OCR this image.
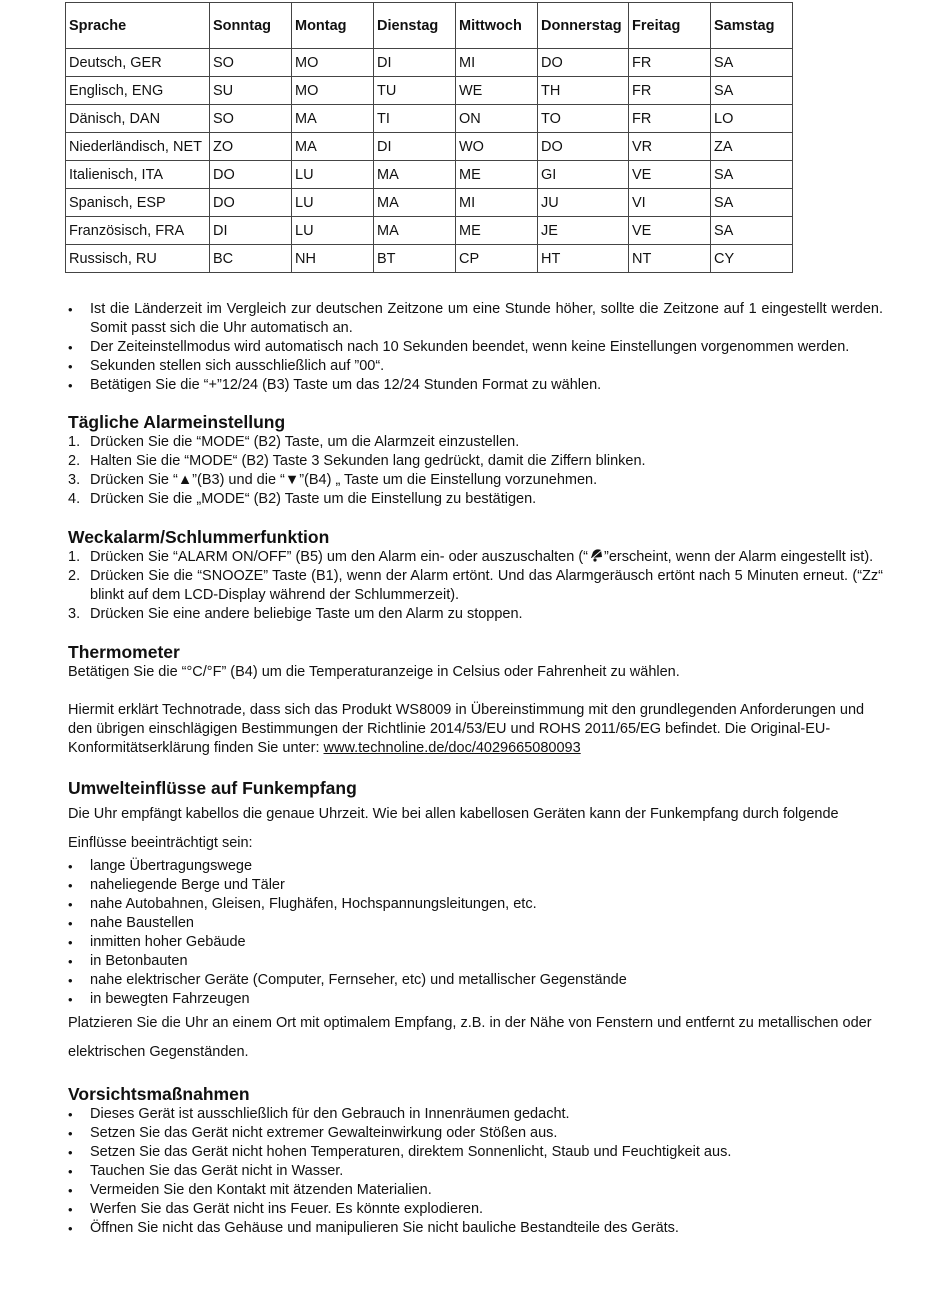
Sprache	Sonntag	Montag	Dienstag	Mittwoch	Donnerstag	Freitag	Samstag
Deutsch, GER	SO	MO	DI	MI	DO	FR	SA
Englisch, ENG	SU	MO	TU	WE	TH	FR	SA
Dänisch, DAN	SO	MA	TI	ON	TO	FR	LO
Niederländisch, NET	ZO	MA	DI	WO	DO	VR	ZA
Italienisch, ITA	DO	LU	MA	ME	GI	VE	SA
Spanisch, ESP	DO	LU	MA	MI	JU	VI	SA
Französisch, FRA	DI	LU	MA	ME	JE	VE	SA
Russisch, RU	BC	NH	BT	CP	HT	NT	CY
• Ist die Länderzeit im Vergleich zur deutschen Zeitzone um eine Stunde höher, sollte die Zeitzone auf 1 eingestellt werden. Somit passt sich die Uhr automatisch an.
• Der Zeiteinstellmodus wird automatisch nach 10 Sekunden beendet, wenn keine Einstellungen vorgenommen werden.
• Sekunden stellen sich ausschließlich auf ”00“.
• Betätigen Sie die “+”12/24 (B3) Taste um das 12/24 Stunden Format zu wählen.
Tägliche Alarmeinstellung
1. Drücken Sie die “MODE“ (B2) Taste, um die Alarmzeit einzustellen.
2. Halten Sie die “MODE“ (B2) Taste 3 Sekunden lang gedrückt, damit die Ziffern blinken.
3. Drücken Sie “▲”(B3) und die “▼”(B4) „ Taste um die Einstellung vorzunehmen.
4. Drücken Sie die „MODE“ (B2) Taste um die Einstellung zu bestätigen.
Weckalarm/Schlummerfunktion
1. Drücken Sie “ALARM ON/OFF” (B5) um den Alarm ein- oder auszuschalten (“ ”erscheint, wenn der Alarm eingestellt ist).
2. Drücken Sie die “SNOOZE” Taste (B1), wenn der Alarm ertönt. Und das Alarmgeräusch ertönt nach 5 Minuten erneut. (“Zz“ blinkt auf dem LCD-Display während der Schlummerzeit).
3. Drücken Sie eine andere beliebige Taste um den Alarm zu stoppen.
Thermometer

Betätigen Sie die “°C/°F” (B4) um die Temperaturanzeige in Celsius oder Fahrenheit zu wählen.

Hiermit erklärt Technotrade, dass sich das Produkt WS8009 in Übereinstimmung mit den grundlegenden Anforderungen und den übrigen einschlägigen Bestimmungen der Richtlinie 2014/53/EU und ROHS 2011/65/EG befindet. Die Original-EU-Konformitätserklärung finden Sie unter: www.technoline.de/doc/4029665080093

Umwelteinflüsse auf Funkempfang

Die Uhr empfängt kabellos die genaue Uhrzeit. Wie bei allen kabellosen Geräten kann der Funkempfang durch folgende

Einflüsse beeinträchtigt sein:

• lange Übertragungswege
• naheliegende Berge und Täler
• nahe Autobahnen, Gleisen, Flughäfen, Hochspannungsleitungen, etc.
• nahe Baustellen
• inmitten hoher Gebäude
• in Betonbauten
• nahe elektrischer Geräte (Computer, Fernseher, etc) und metallischer Gegenstände
• in bewegten Fahrzeugen

Platzieren Sie die Uhr an einem Ort mit optimalem Empfang, z.B. in der Nähe von Fenstern und entfernt zu metallischen oder elektrischen Gegenständen.

Vorsichtsmaßnahmen
• Dieses Gerät ist ausschließlich für den Gebrauch in Innenräumen gedacht.
• Setzen Sie das Gerät nicht extremer Gewalteinwirkung oder Stößen aus.
• Setzen Sie das Gerät nicht hohen Temperaturen, direktem Sonnenlicht, Staub und Feuchtigkeit aus.
• Tauchen Sie das Gerät nicht in Wasser.
• Vermeiden Sie den Kontakt mit ätzenden Materialien.
• Werfen Sie das Gerät nicht ins Feuer. Es könnte explodieren.
• Öffnen Sie nicht das Gehäuse und manipulieren Sie nicht bauliche Bestandteile des Geräts.
